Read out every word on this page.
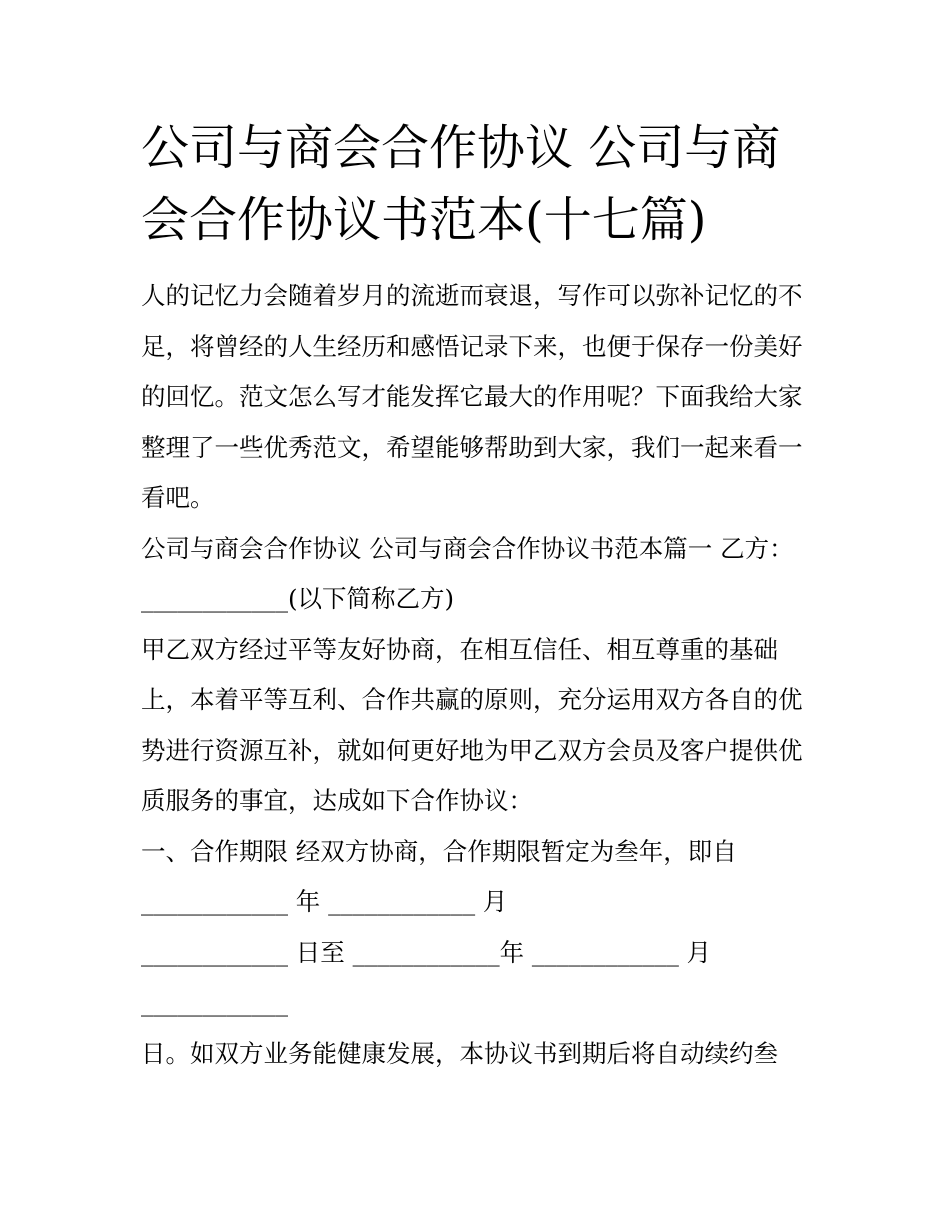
公司与商会合作协议 公司与商
会合作协议书范本(十七篇)
人的记忆力会随着岁月的流逝而衰退，写作可以弥补记忆的不
足，将曾经的人生经历和感悟记录下来，也便于保存一份美好
的回忆。范文怎么写才能发挥它最大的作用呢？下面我给大家
整理了一些优秀范文，希望能够帮助到大家，我们一起来看一
看吧。
公司与商会合作协议 公司与商会合作协议书范本篇一 乙方：
____________(以下简称乙方)
甲乙双方经过平等友好协商，在相互信任、相互尊重的基础
上，本着平等互利、合作共赢的原则，充分运用双方各自的优
势进行资源互补，就如何更好地为甲乙双方会员及客户提供优
质服务的事宜，达成如下合作协议：
一、合作期限 经双方协商，合作期限暂定为叁年，即自
____________ 年 ____________ 月
____________ 日至 ____________年 ____________ 月
____________
日。如双方业务能健康发展，本协议书到期后将自动续约叁
